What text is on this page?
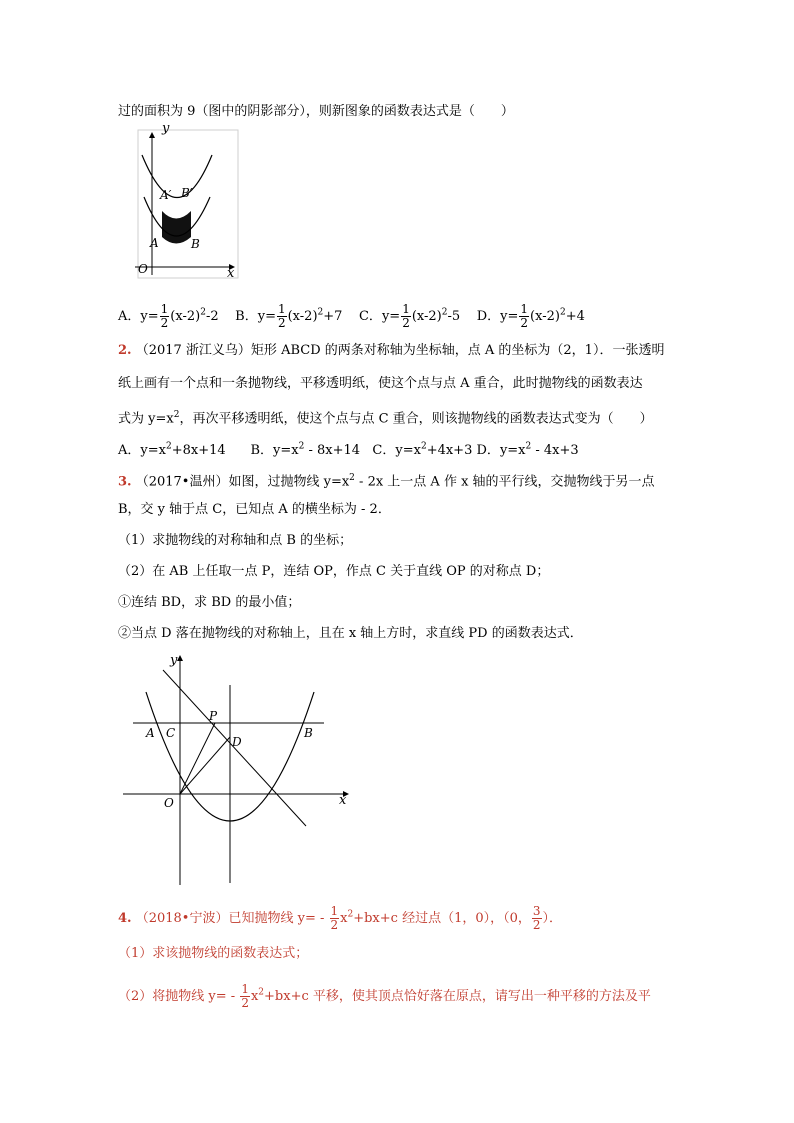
过的面积为 9（图中的阴影部分），则新图象的函数表达式是（　　）
y
x
O
A	B
A′ B′
A．$y= \frac{1}{2} (x-2)^2-2$ B．$y= \frac{1}{2} (x-2)^2+7$ C．$y= \frac{1}{2} (x-2)^2-5$ D．$y= \frac{1}{2} (x-2)^2+4$
2. （2017 浙江义乌）矩形 ABCD 的两条对称轴为坐标轴，点 A 的坐标为（2，1）．一张透明
纸上画有一个点和一条抛物线，平移透明纸，使这个点与点 A 重合，此时抛物线的函数表达
式为 $y=x^2$，再次平移透明纸，使这个点与点 C 重合，则该抛物线的函数表达式变为（　　）
A．$y=x^2+8x+14$ B．$y=x^2 - 8x+14$ C．$y=x^2+4x+3$ D．$y=x^2 - 4x+3$
3. （2017•温州）如图，过抛物线 $y=x^2 - 2x$ 上一点 A 作 x 轴的平行线，交抛物线于另一点
B，交 y 轴于点 C，已知点 A 的横坐标为 - 2．
（1）求抛物线的对称轴和点 B 的坐标；
（2）在 AB 上任取一点 P，连结 OP，作点 C 关于直线 OP 的对称点 D；
①连结 BD，求 BD 的最小值；
②当点 D 落在抛物线的对称轴上，且在 x 轴上方时，求直线 PD 的函数表达式．
y
x
O
A C
P
D
B
4. （2018•宁波）已知抛物线 $y= - \frac{1}{2} x^2+bx+c$ 经过点（1，0），（0， $\frac{3}{2}$ ）．
（1）求该抛物线的函数表达式；
（2）将抛物线 $y= - \frac{1}{2} x^2+bx+c$ 平移，使其顶点恰好落在原点，请写出一种平移的方法及平
